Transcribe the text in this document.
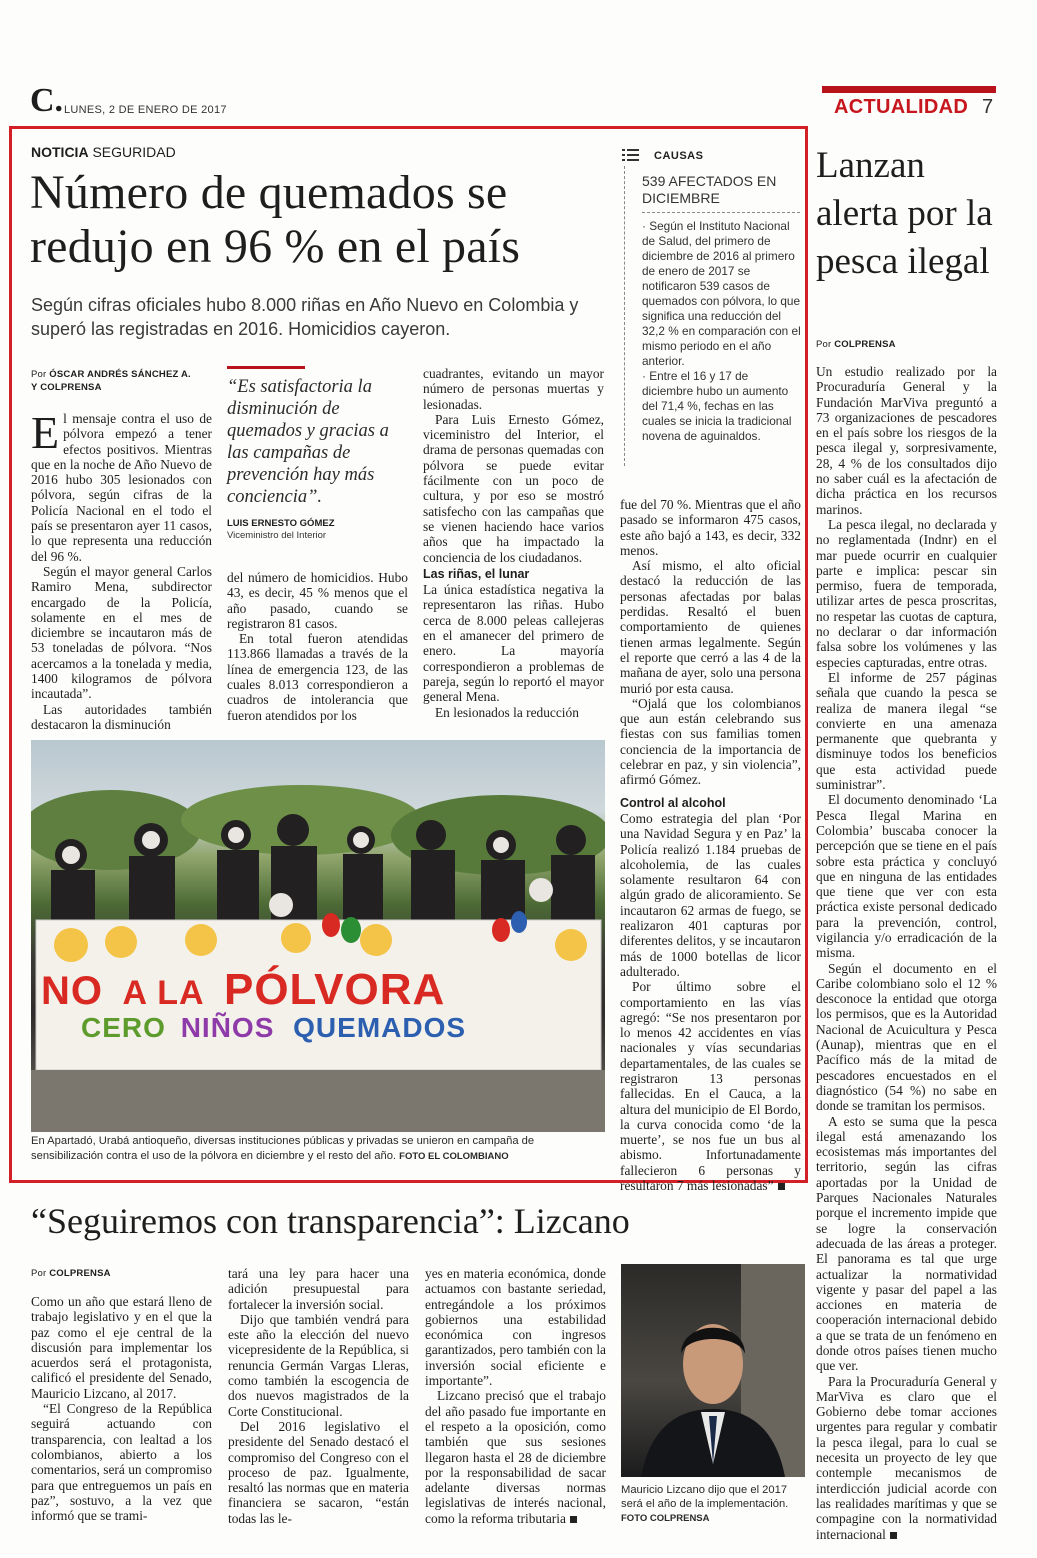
C. LUNES, 2 DE ENERO DE 2017	ACTUALIDAD 7
NOTICIA SEGURIDAD
Número de quemados se redujo en 96 % en el país
Según cifras oficiales hubo 8.000 riñas en Año Nuevo en Colombia y superó las registradas en 2016. Homicidios cayeron.
Por ÓSCAR ANDRÉS SÁNCHEZ A.
Y COLPRENSA

El mensaje contra el uso de pólvora empezó a tener efectos positivos. Mientras que en la noche de Año Nuevo de 2016 hubo 305 lesionados con pólvora, según cifras de la Policía Nacional en el todo el país se presentaron ayer 11 casos, lo que representa una reducción del 96 %.

Según el mayor general Carlos Ramiro Mena, subdirector encargado de la Policía, solamente en el mes de diciembre se incautaron más de 53 toneladas de pólvora. “Nos acercamos a la tonelada y media, 1400 kilogramos de pólvora incautada”.

Las autoridades también destacaron la disminución

“Es satisfactoria la disminución de quemados y gracias a las campañas de prevención hay más conciencia”.
LUIS ERNESTO GÓMEZ
Viceministro del Interior

del número de homicidios. Hubo 43, es decir, 45 % menos que el año pasado, cuando se registraron 81 casos.

En total fueron atendidas 113.866 llamadas a través de la línea de emergencia 123, de las cuales 8.013 correspondieron a cuadros de intolerancia que fueron atendidos por los

cuadrantes, evitando un mayor número de personas muertas y lesionadas.

Para Luis Ernesto Gómez, viceministro del Interior, el drama de personas quemadas con pólvora se puede evitar fácilmente con un poco de cultura, y por eso se mostró satisfecho con las campañas que se vienen haciendo hace varios años que ha impactado la conciencia de los ciudadanos.

Las riñas, el lunar

La única estadística negativa la representaron las riñas. Hubo cerca de 8.000 peleas callejeras en el amanecer del primero de enero. La mayoría correspondieron a problemas de pareja, según lo reportó el mayor general Mena.

En lesionados la reducción

CAUSAS
539 AFECTADOS EN DICIEMBRE
· Según el Instituto Nacional de Salud, del primero de diciembre de 2016 al primero de enero de 2017 se notificaron 539 casos de quemados con pólvora, lo que significa una reducción del 32,2 % en comparación con el mismo periodo en el año anterior.
· Entre el 16 y 17 de diciembre hubo un aumento del 71,4 %, fechas en las cuales se inicia la tradicional novena de aguinaldos.

fue del 70 %. Mientras que el año pasado se informaron 475 casos, este año bajó a 143, es decir, 332 menos.

Así mismo, el alto oficial destacó la reducción de las personas afectadas por balas perdidas. Resaltó el buen comportamiento de quienes tienen armas legalmente. Según el reporte que cerró a las 4 de la mañana de ayer, solo una persona murió por esta causa.

“Ojalá que los colombianos que aun están celebrando sus fiestas con sus familias tomen conciencia de la importancia de celebrar en paz, y sin violencia”, afirmó Gómez.

Control al alcohol

Como estrategia del plan ‘Por una Navidad Segura y en Paz’ la Policía realizó 1.184 pruebas de alcoholemia, de las cuales solamente resultaron 64 con algún grado de alicoramiento. Se incautaron 62 armas de fuego, se realizaron 401 capturas por diferentes delitos, y se incautaron más de 1000 botellas de licor adulterado.

Por último sobre el comportamiento en las vías agregó: “Se nos presentaron por lo menos 42 accidentes en vías nacionales y vías secundarias departamentales, de las cuales se registraron 13 personas fallecidas. En el Cauca, a la altura del municipio de El Bordo, la curva conocida como ‘de la muerte’, se nos fue un bus al abismo. Infortunadamente fallecieron 6 personas y resultaron 7 más lesionadas”

NO A LA PÓLVORA
CERO NIÑOS QUEMADOS
En Apartadó, Urabá antioqueño, diversas instituciones públicas y privadas se unieron en campaña de sensibilización contra el uso de la pólvora en diciembre y el resto del año. FOTO EL COLOMBIANO
Lanzan alerta por la pesca ilegal
Por COLPRENSA

Un estudio realizado por la Procuraduría General y la Fundación MarViva preguntó a 73 organizaciones de pescadores en el país sobre los riesgos de la pesca ilegal y, sorpresivamente, 28, 4 % de los consultados dijo no saber cuál es la afectación de dicha práctica en los recursos marinos.

La pesca ilegal, no declarada y no reglamentada (Indnr) en el mar puede ocurrir en cualquier parte e implica: pescar sin permiso, fuera de temporada, utilizar artes de pesca proscritas, no respetar las cuotas de captura, no declarar o dar información falsa sobre los volúmenes y las especies capturadas, entre otras.

El informe de 257 páginas señala que cuando la pesca se realiza de manera ilegal “se convierte en una amenaza permanente que quebranta y disminuye todos los beneficios que esta actividad puede suministrar”.

El documento denominado ‘La Pesca Ilegal Marina en Colombia’ buscaba conocer la percepción que se tiene en el país sobre esta práctica y concluyó que en ninguna de las entidades que tiene que ver con esta práctica existe personal dedicado para la prevención, control, vigilancia y/o erradicación de la misma.

Según el documento en el Caribe colombiano solo el 12 % desconoce la entidad que otorga los permisos, que es la Autoridad Nacional de Acuicultura y Pesca (Aunap), mientras que en el Pacífico más de la mitad de pescadores encuestados en el diagnóstico (54 %) no sabe en donde se tramitan los permisos.

A esto se suma que la pesca ilegal está amenazando los ecosistemas más importantes del territorio, según las cifras aportadas por la Unidad de Parques Nacionales Naturales porque el incremento impide que se logre la conservación adecuada de las áreas a proteger. El panorama es tal que urge actualizar la normatividad vigente y pasar del papel a las acciones en materia de cooperación internacional debido a que se trata de un fenómeno en donde otros países tienen mucho que ver.

Para la Procuraduría General y MarViva es claro que el Gobierno debe tomar acciones urgentes para regular y combatir la pesca ilegal, para lo cual se necesita un proyecto de ley que contemple mecanismos de interdicción judicial acorde con las realidades marítimas y que se compagine con la normatividad internacional

“Seguiremos con transparencia”: Lizcano
Por COLPRENSA

Como un año que estará lleno de trabajo legislativo y en el que la paz como el eje central de la discusión para implementar los acuerdos será el protagonista, calificó el presidente del Senado, Mauricio Lizcano, al 2017.

“El Congreso de la República seguirá actuando con transparencia, con lealtad a los colombianos, abierto a los comentarios, será un compromiso para que entreguemos un país en paz”, sostuvo, a la vez que informó que se trami-

tará una ley para hacer una adición presupuestal para fortalecer la inversión social.

Dijo que también vendrá para este año la elección del nuevo vicepresidente de la República, si renuncia Germán Vargas Lleras, como también la escogencia de dos nuevos magistrados de la Corte Constitucional.

Del 2016 legislativo el presidente del Senado destacó el compromiso del Congreso con el proceso de paz. Igualmente, resaltó las normas que en materia financiera se sacaron, “están todas las le-

yes en materia económica, donde actuamos con bastante seriedad, entregándole a los próximos gobiernos una estabilidad económica con ingresos garantizados, pero también con la inversión social eficiente e importante”.

Lizcano precisó que el trabajo del año pasado fue importante en el respeto a la oposición, como también que sus sesiones llegaron hasta el 28 de diciembre por la responsabilidad de sacar adelante diversas normas legislativas de interés nacional, como la reforma tributaria

Mauricio Lizcano dijo que el 2017 será el año de la implementación. FOTO COLPRENSA
